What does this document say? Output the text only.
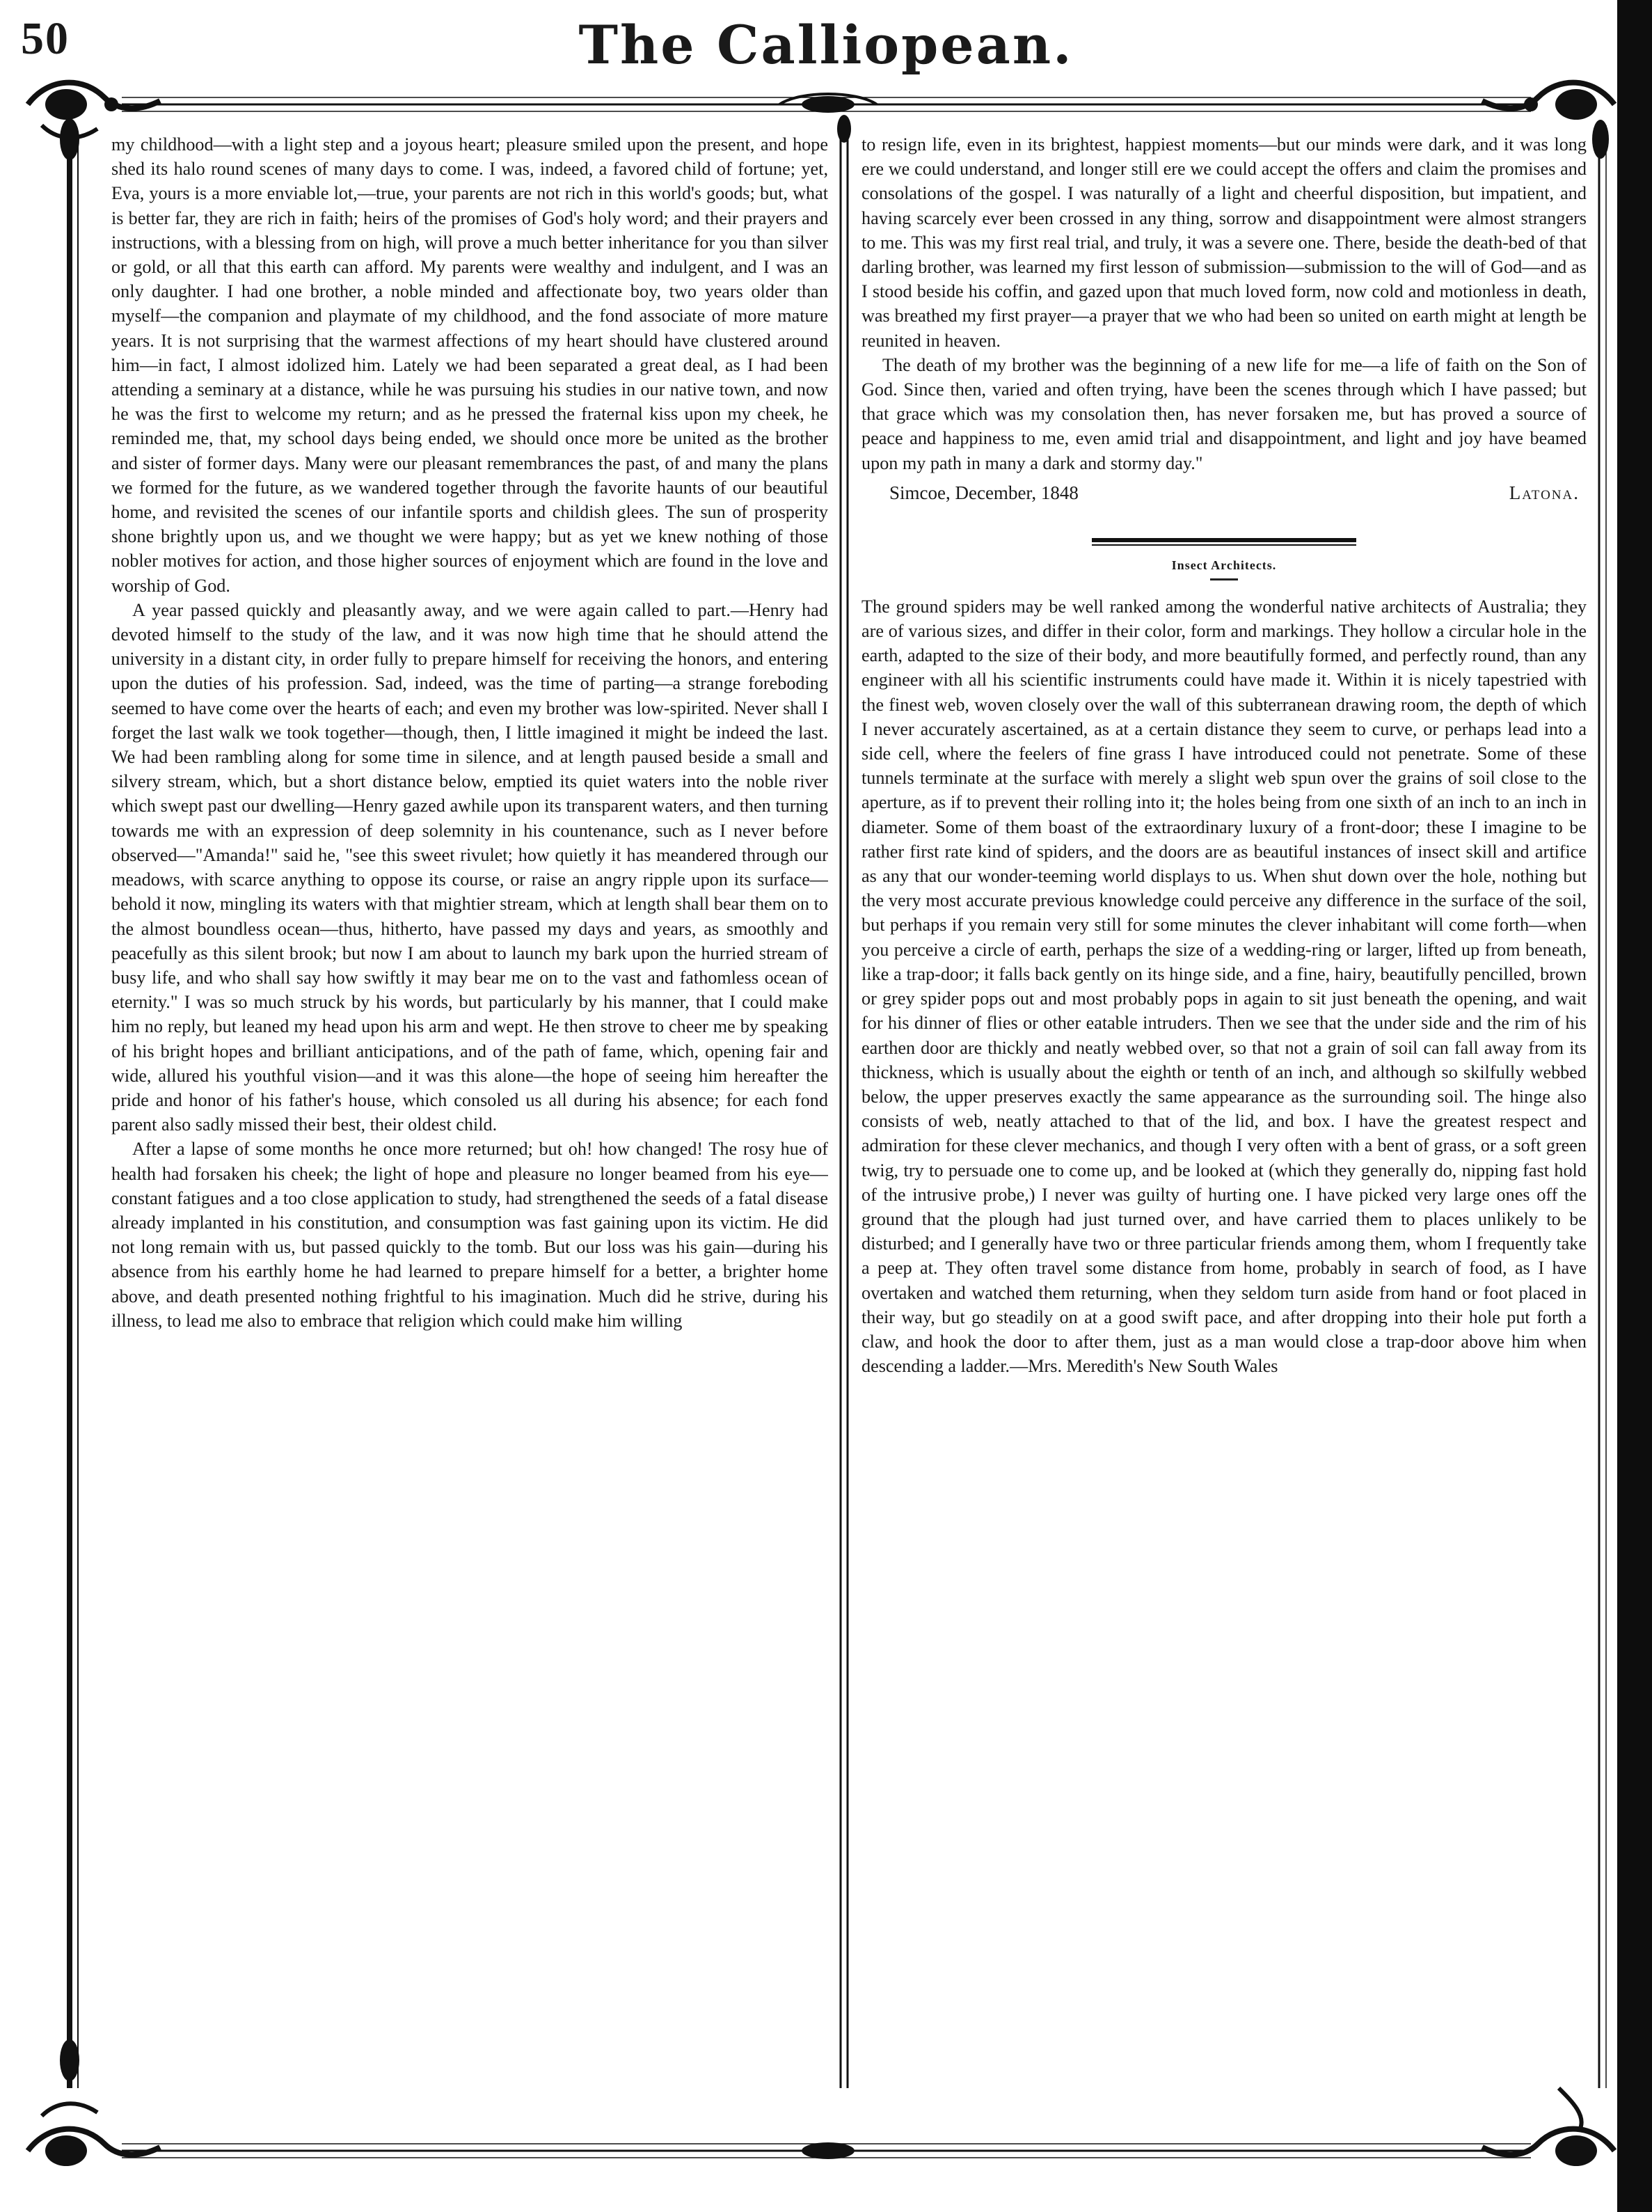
50	The Calliopean.

my childhood—with a light step and a joyous heart; pleasure smiled upon the present, and hope shed its halo round scenes of many days to come. I was, indeed, a favored child of fortune; yet, Eva, yours is a more enviable lot,—true, your parents are not rich in this world's goods; but, what is better far, they are rich in faith; heirs of the promises of God's holy word; and their prayers and instructions, with a blessing from on high, will prove a much better inheritance for you than silver or gold, or all that this earth can afford. My parents were wealthy and indulgent, and I was an only daughter. I had one brother, a noble minded and affectionate boy, two years older than myself—the companion and playmate of my childhood, and the fond associate of more mature years. It is not surprising that the warmest affections of my heart should have clustered around him—in fact, I almost idolized him. Lately we had been separated a great deal, as I had been attending a seminary at a distance, while he was pursuing his studies in our native town, and now he was the first to welcome my return; and as he pressed the fraternal kiss upon my cheek, he reminded me, that, my school days being ended, we should once more be united as the brother and sister of former days. Many were our pleasant remembrances the past, of and many the plans we formed for the future, as we wandered together through the favorite haunts of our beautiful home, and revisited the scenes of our infantile sports and childish glees. The sun of prosperity shone brightly upon us, and we thought we were happy; but as yet we knew nothing of those nobler motives for action, and those higher sources of enjoyment which are found in the love and worship of God.

A year passed quickly and pleasantly away, and we were again called to part.—Henry had devoted himself to the study of the law, and it was now high time that he should attend the university in a distant city, in order fully to prepare himself for receiving the honors, and entering upon the duties of his profession. Sad, indeed, was the time of parting—a strange foreboding seemed to have come over the hearts of each; and even my brother was low-spirited. Never shall I forget the last walk we took together—though, then, I little imagined it might be indeed the last. We had been rambling along for some time in silence, and at length paused beside a small and silvery stream, which, but a short distance below, emptied its quiet waters into the noble river which swept past our dwelling—Henry gazed awhile upon its transparent waters, and then turning towards me with an expression of deep solemnity in his countenance, such as I never before observed—"Amanda!" said he, "see this sweet rivulet; how quietly it has meandered through our meadows, with scarce anything to oppose its course, or raise an angry ripple upon its surface—behold it now, mingling its waters with that mightier stream, which at length shall bear them on to the almost boundless ocean—thus, hitherto, have passed my days and years, as smoothly and peacefully as this silent brook; but now I am about to launch my bark upon the hurried stream of busy life, and who shall say how swiftly it may bear me on to the vast and fathomless ocean of eternity." I was so much struck by his words, but particularly by his manner, that I could make him no reply, but leaned my head upon his arm and wept. He then strove to cheer me by speaking of his bright hopes and brilliant anticipations, and of the path of fame, which, opening fair and wide, allured his youthful vision—and it was this alone—the hope of seeing him hereafter the pride and honor of his father's house, which consoled us all during his absence; for each fond parent also sadly missed their best, their oldest child.

After a lapse of some months he once more returned; but oh! how changed! The rosy hue of health had forsaken his cheek; the light of hope and pleasure no longer beamed from his eye—constant fatigues and a too close application to study, had strengthened the seeds of a fatal disease already implanted in his constitution, and consumption was fast gaining upon its victim. He did not long remain with us, but passed quickly to the tomb. But our loss was his gain—during his absence from his earthly home he had learned to prepare himself for a better, a brighter home above, and death presented nothing frightful to his imagination. Much did he strive, during his illness, to lead me also to embrace that religion which could make him willing

to resign life, even in its brightest, happiest moments—but our minds were dark, and it was long ere we could understand, and longer still ere we could accept the offers and claim the promises and consolations of the gospel. I was naturally of a light and cheerful disposition, but impatient, and having scarcely ever been crossed in any thing, sorrow and disappointment were almost strangers to me. This was my first real trial, and truly, it was a severe one. There, beside the death-bed of that darling brother, was learned my first lesson of submission—submission to the will of God—and as I stood beside his coffin, and gazed upon that much loved form, now cold and motionless in death, was breathed my first prayer—a prayer that we who had been so united on earth might at length be reunited in heaven.

The death of my brother was the beginning of a new life for me—a life of faith on the Son of God. Since then, varied and often trying, have been the scenes through which I have passed; but that grace which was my consolation then, has never forsaken me, but has proved a source of peace and happiness to me, even amid trial and disappointment, and light and joy have beamed upon my path in many a dark and stormy day."

Simcoe, December, 1848	Latona.

Insect Architects.

The ground spiders may be well ranked among the wonderful native architects of Australia; they are of various sizes, and differ in their color, form and markings. They hollow a circular hole in the earth, adapted to the size of their body, and more beautifully formed, and perfectly round, than any engineer with all his scientific instruments could have made it. Within it is nicely tapestried with the finest web, woven closely over the wall of this subterranean drawing room, the depth of which I never accurately ascertained, as at a certain distance they seem to curve, or perhaps lead into a side cell, where the feelers of fine grass I have introduced could not penetrate. Some of these tunnels terminate at the surface with merely a slight web spun over the grains of soil close to the aperture, as if to prevent their rolling into it; the holes being from one sixth of an inch to an inch in diameter. Some of them boast of the extraordinary luxury of a front-door; these I imagine to be rather first rate kind of spiders, and the doors are as beautiful instances of insect skill and artifice as any that our wonder-teeming world displays to us. When shut down over the hole, nothing but the very most accurate previous knowledge could perceive any difference in the surface of the soil, but perhaps if you remain very still for some minutes the clever inhabitant will come forth—when you perceive a circle of earth, perhaps the size of a wedding-ring or larger, lifted up from beneath, like a trap-door; it falls back gently on its hinge side, and a fine, hairy, beautifully pencilled, brown or grey spider pops out and most probably pops in again to sit just beneath the opening, and wait for his dinner of flies or other eatable intruders. Then we see that the under side and the rim of his earthen door are thickly and neatly webbed over, so that not a grain of soil can fall away from its thickness, which is usually about the eighth or tenth of an inch, and although so skilfully webbed below, the upper preserves exactly the same appearance as the surrounding soil. The hinge also consists of web, neatly attached to that of the lid, and box. I have the greatest respect and admiration for these clever mechanics, and though I very often with a bent of grass, or a soft green twig, try to persuade one to come up, and be looked at (which they generally do, nipping fast hold of the intrusive probe,) I never was guilty of hurting one. I have picked very large ones off the ground that the plough had just turned over, and have carried them to places unlikely to be disturbed; and I generally have two or three particular friends among them, whom I frequently take a peep at. They often travel some distance from home, probably in search of food, as I have overtaken and watched them returning, when they seldom turn aside from hand or foot placed in their way, but go steadily on at a good swift pace, and after dropping into their hole put forth a claw, and hook the door to after them, just as a man would close a trap-door above him when descending a ladder.—Mrs. Meredith's New South Wales
